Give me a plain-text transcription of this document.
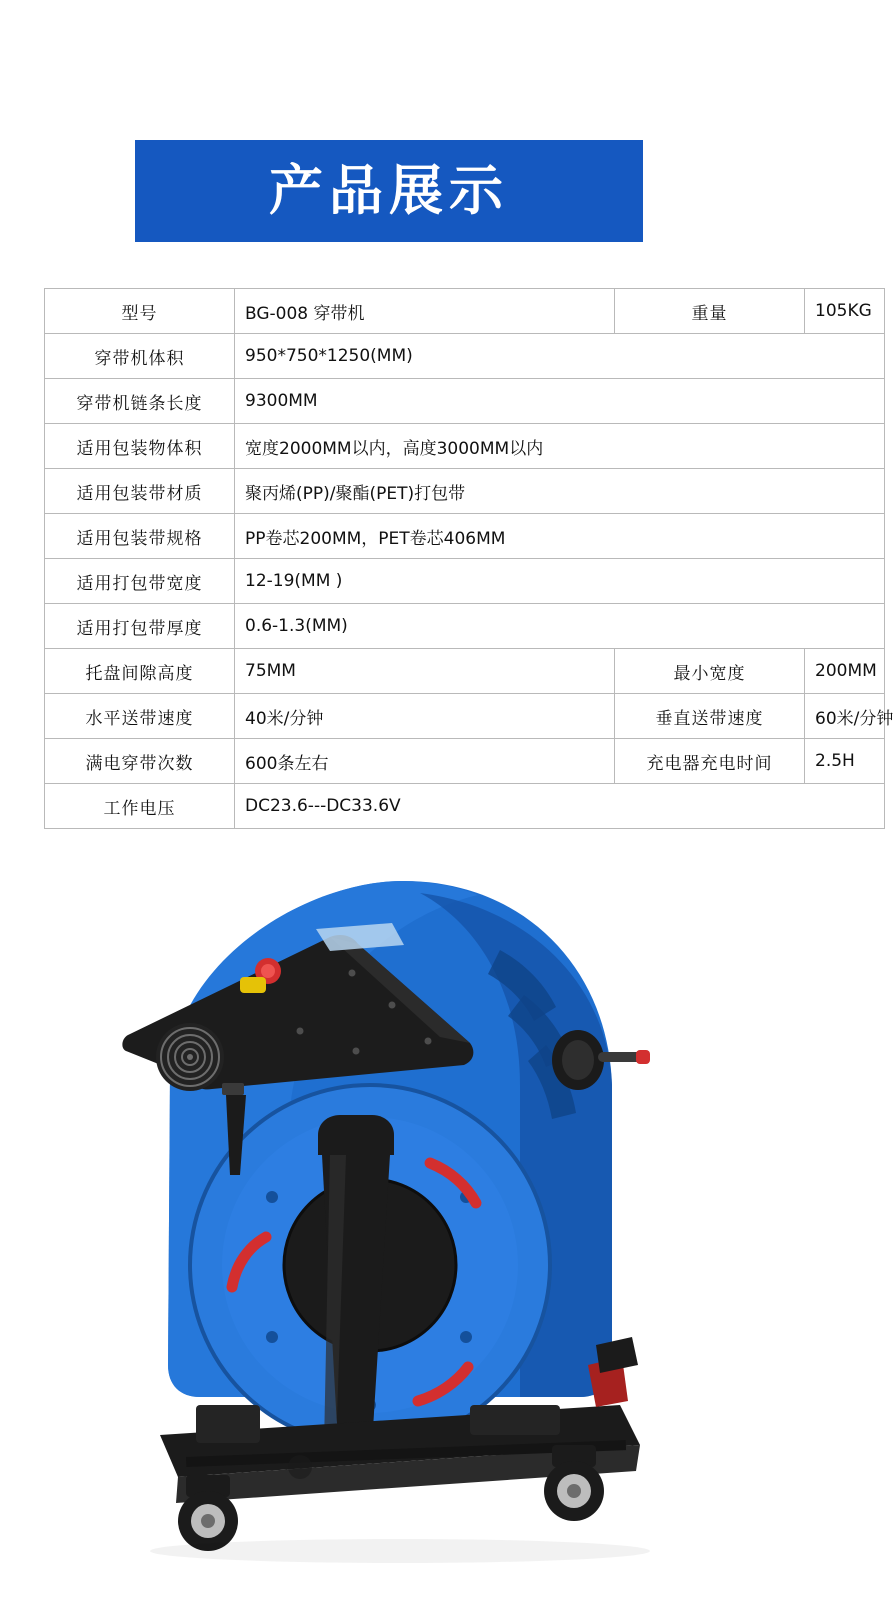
产品展示
型号	BG-008 穿带机	重量	105KG
穿带机体积	950*750*1250(MM)		
穿带机链条长度	9300MM		
适用包装物体积	宽度2000MM以内，高度3000MM以内		
适用包装带材质	聚丙烯(PP)/聚酯(PET)打包带		
适用包装带规格	PP卷芯200MM，PET卷芯406MM		
适用打包带宽度	12-19(MM )		
适用打包带厚度	0.6-1.3(MM)		
托盘间隙高度	75MM	最小宽度	200MM
水平送带速度	40米/分钟	垂直送带速度	60米/分钟
满电穿带次数	600条左右	充电器充电时间	2.5H
工作电压	DC23.6---DC33.6V		
